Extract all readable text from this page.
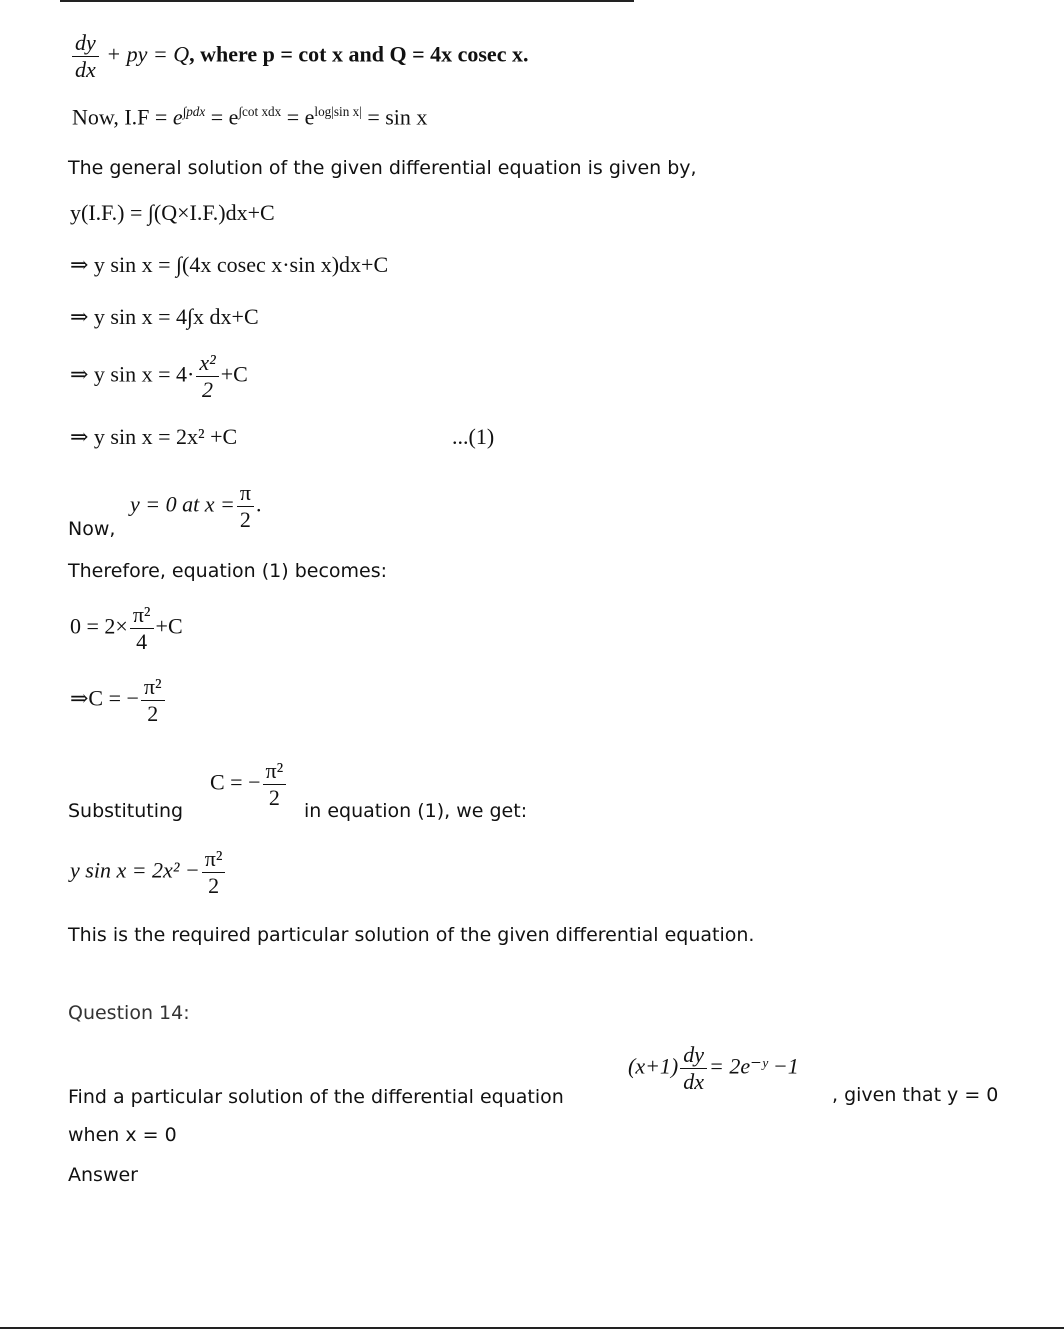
$\frac{dy}{dx}$ + py = Q, where p = cot x and Q = 4x cosec x.
Now, $I.F = e^{\int pdx} = e^{\int cot xdx} = e^{log|sin x|} = \sin x$
The general solution of the given differential equation is given by,
y(I.F.) = ∫(Q×I.F.)dx+C
⇒ y sin x = ∫(4x cosec x·sin x)dx+C
⇒ y sin x = 4∫x dx+C
⇒ y $\sin x = 4\cdot \frac{\text{x²}}{2} +C$
⇒ y sin x = 2x² +C	...(1)
Now,
y = 0 at $x = \frac{\pi}{2}$ .
Therefore, equation (1) becomes:
$0 = 2\times \frac{\text{π²}}{4} +C$
⇒C = − $\frac{\text{π²}}{2}$
Substituting
C = − $\frac{\text{π²}}{2}$
in equation (1), we get:
y $\sin x = 2x^2 - \frac{\text{π²}}{2}$
This is the required particular solution of the given differential equation.
Question 14:
Find a particular solution of the differential equation
$(x+1) \frac{dy}{dx}$ = 2e⁻ʸ −1
, given that y = 0
when x = 0
Answer
